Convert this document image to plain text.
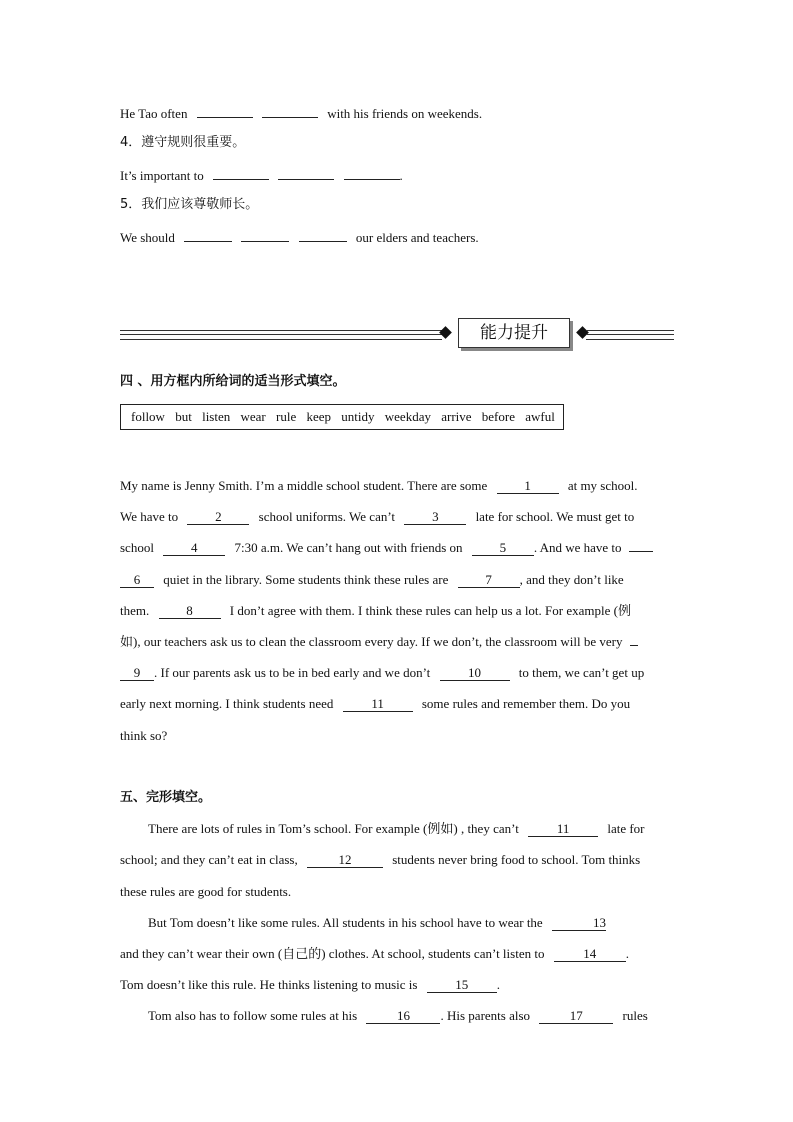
He Tao often	with his friends on weekends.
4．遵守规则很重要。
It’s important to	.
5．我们应该尊敬师长。
We should	our elders and teachers.
能力提升
四 、用方框内所给词的适当形式填空。
follow but listen wear rule keep untidy weekday arrive before awful
My name is Jenny Smith. I’m a middle school student. There are some	1	at my school.
We have to	2	school uniforms. We can’t	3	late for school. We must get to
school	4	7:30 a.m. We can’t hang out with friends on	5 . And we have to
6 quiet in the library. Some students think these rules are	7 , and they don’t like
them.	8	I don’t agree with them. I think these rules can help us a lot. For example (例
如), our teachers ask us to clean the classroom every day. If we don’t, the classroom will be very
9 . If our parents ask us to be in bed early and we don’t	10	to them, we can’t get up
early next morning. I think students need	11	some rules and remember them. Do you
think so?
五、完形填空。
There are lots of rules in Tom’s school. For example (例如) , they can’t	11	late for
school; and they can’t eat in class,	12	students never bring food to school. Tom thinks
these rules are good for students.
But Tom doesn’t like some rules. All students in his school have to wear the	13
and they can’t wear their own (自己的) clothes. At school, students can’t listen to	14 .
Tom doesn’t like this rule. He thinks listening to music is	15 .
Tom also has to follow some rules at his	16 . His parents also	17	rules
